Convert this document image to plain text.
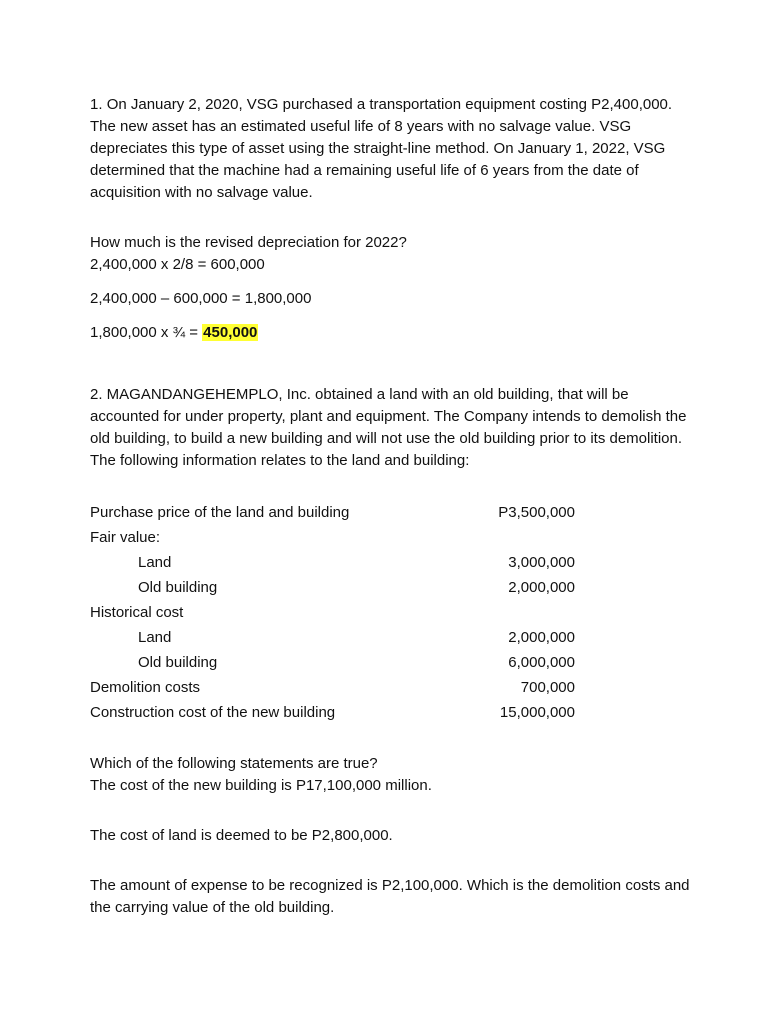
1. On January 2, 2020, VSG purchased a transportation equipment costing P2,400,000. The new asset has an estimated useful life of 8 years with no salvage value. VSG depreciates this type of asset using the straight-line method. On January 1, 2022, VSG determined that the machine had a remaining useful life of 6 years from the date of acquisition with no salvage value.

How much is the revised depreciation for 2022?

2,400,000 x 2/8 = 600,000

2,400,000 – 600,000 = 1,800,000

1,800,000 x ¾ = 450,000

2. MAGANDANGEHEMPLO, Inc. obtained a land with an old building, that will be accounted for under property, plant and equipment. The Company intends to demolish the old building, to build a new building and will not use the old building prior to its demolition. The following information relates to the land and building:

Purchase price of the land and building	P3,500,000
Fair value:
Land	3,000,000
Old building	2,000,000
Historical cost
Land	2,000,000
Old building	6,000,000
Demolition costs	700,000
Construction cost of the new building	15,000,000

Which of the following statements are true?

The cost of the new building is P17,100,000 million.

The cost of land is deemed to be P2,800,000.

The amount of expense to be recognized is P2,100,000. Which is the demolition costs and the carrying value of the old building.
